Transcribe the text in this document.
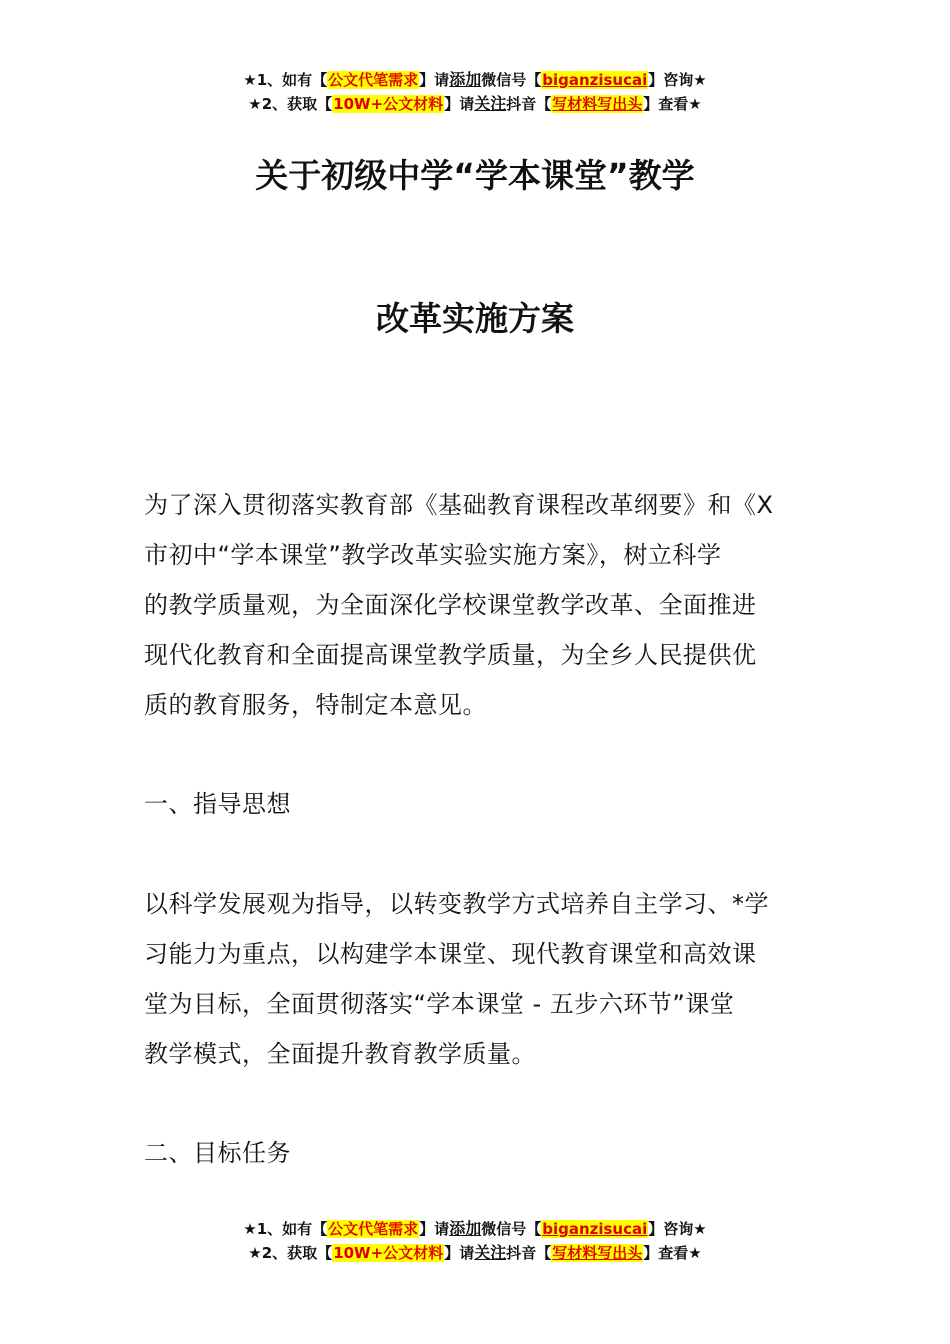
★1、如有【公文代笔需求】请添加微信号【biganzisucai】咨询★
★2、获取【10W+公文材料】请关注抖音【写材料写出头】查看★
关于初级中学“学本课堂”教学
改革实施方案
为了深入贯彻落实教育部《基础教育课程改革纲要》和《X
市初中“学本课堂”教学改革实验实施方案》，树立科学
的教学质量观，为全面深化学校课堂教学改革、全面推进
现代化教育和全面提高课堂教学质量，为全乡人民提供优
质的教育服务，特制定本意见。
一、指导思想
以科学发展观为指导，以转变教学方式培养自主学习、*学
习能力为重点，以构建学本课堂、现代教育课堂和高效课
堂为目标，全面贯彻落实“学本课堂 - 五步六环节”课堂
教学模式，全面提升教育教学质量。
二、目标任务
★1、如有【公文代笔需求】请添加微信号【biganzisucai】咨询★
★2、获取【10W+公文材料】请关注抖音【写材料写出头】查看★
